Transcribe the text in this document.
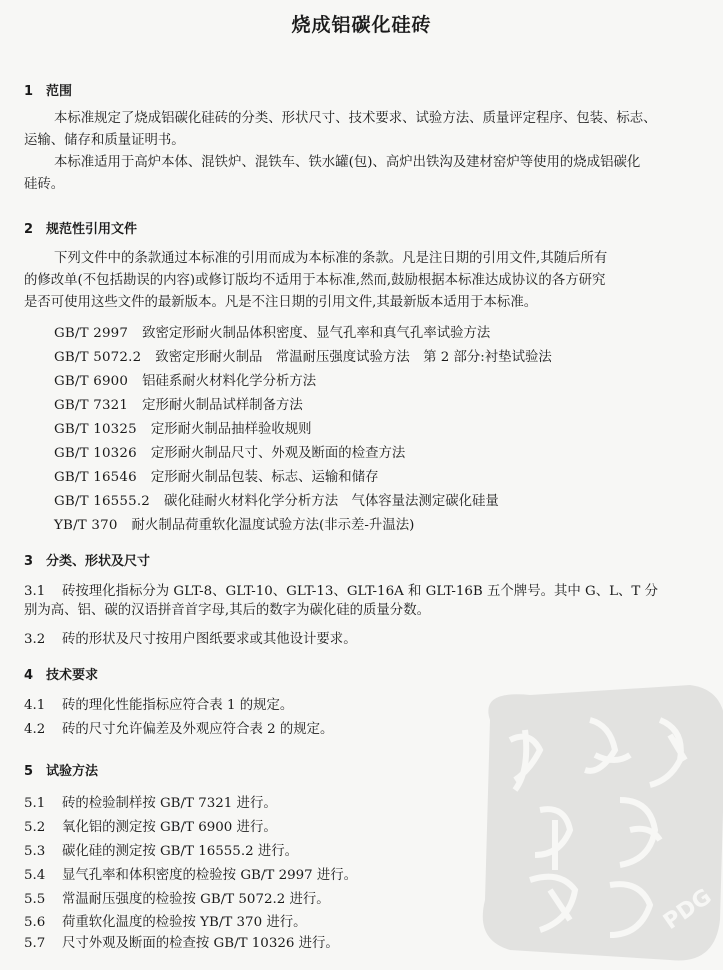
烧成铝碳化硅砖
1 范围
本标准规定了烧成铝碳化硅砖的分类、形状尺寸、技术要求、试验方法、质量评定程序、包装、标志、
运输、储存和质量证明书。
本标准适用于高炉本体、混铁炉、混铁车、铁水罐(包)、高炉出铁沟及建材窑炉等使用的烧成铝碳化
硅砖。
2 规范性引用文件
下列文件中的条款通过本标准的引用而成为本标准的条款。凡是注日期的引用文件,其随后所有
的修改单(不包括勘误的内容)或修订版均不适用于本标准,然而,鼓励根据本标准达成协议的各方研究
是否可使用这些文件的最新版本。凡是不注日期的引用文件,其最新版本适用于本标准。
GB/T 2997 致密定形耐火制品体积密度、显气孔率和真气孔率试验方法
GB/T 5072.2 致密定形耐火制品　常温耐压强度试验方法　第 2 部分:衬垫试验法
GB/T 6900 铝硅系耐火材料化学分析方法
GB/T 7321 定形耐火制品试样制备方法
GB/T 10325 定形耐火制品抽样验收规则
GB/T 10326 定形耐火制品尺寸、外观及断面的检查方法
GB/T 16546 定形耐火制品包装、标志、运输和储存
GB/T 16555.2 碳化硅耐火材料化学分析方法　气体容量法测定碳化硅量
YB/T 370 耐火制品荷重软化温度试验方法(非示差-升温法)
3 分类、形状及尺寸
3.1 砖按理化指标分为 GLT-8、GLT-10、GLT-13、GLT-16A 和 GLT-16B 五个牌号。其中 G、L、T 分
别为高、铝、碳的汉语拼音首字母,其后的数字为碳化硅的质量分数。
3.2 砖的形状及尺寸按用户图纸要求或其他设计要求。
4 技术要求
4.1 砖的理化性能指标应符合表 1 的规定。
4.2 砖的尺寸允许偏差及外观应符合表 2 的规定。
5 试验方法
5.1 砖的检验制样按 GB/T 7321 进行。
5.2 氧化铝的测定按 GB/T 6900 进行。
5.3 碳化硅的测定按 GB/T 16555.2 进行。
5.4 显气孔率和体积密度的检验按 GB/T 2997 进行。
5.5 常温耐压强度的检验按 GB/T 5072.2 进行。
5.6 荷重软化温度的检验按 YB/T 370 进行。
5.7 尺寸外观及断面的检查按 GB/T 10326 进行。
PDG
